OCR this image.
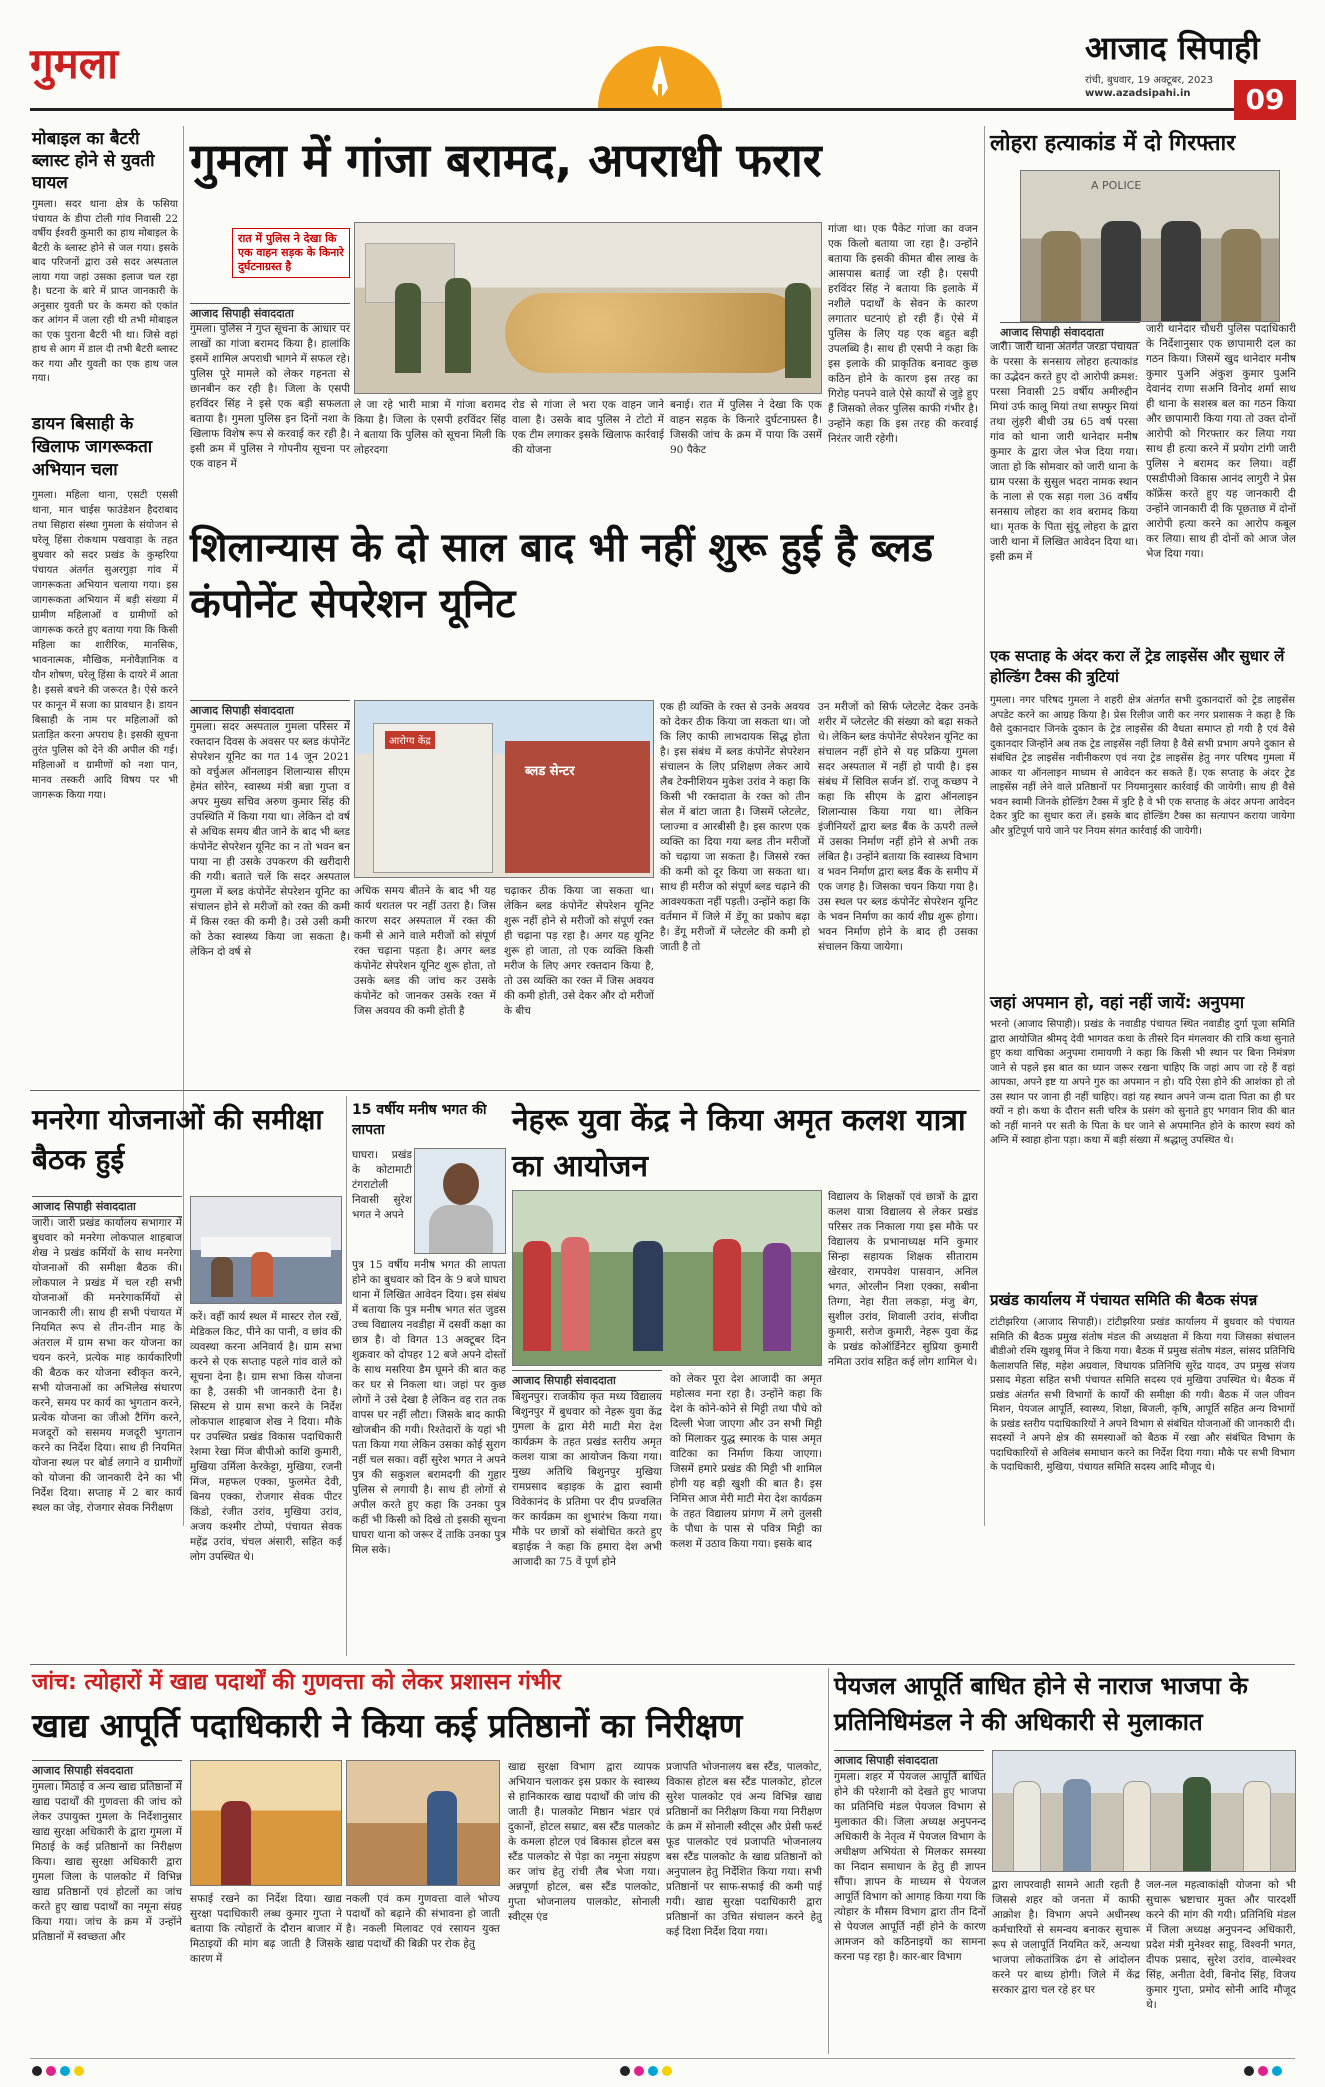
गुमला	आजाद सिपाही
रांची, बुधवार, 19 अक्टूबर, 2023
www.azadsipahi.in	09
मोबाइल का बैटरी ब्लास्ट होने से युवती घायल
गुमला। सदर थाना क्षेत्र के फसिया पंचायत के डीपा टोली गांव निवासी 22 वर्षीय ईश्वरी कुमारी का हाथ मोबाइल के बैटरी के ब्लास्ट होने से जल गया। इसके बाद परिजनों द्वारा उसे सदर अस्पताल लाया गया जहां उसका इलाज चल रहा है। घटना के बारे में प्राप्त जानकारी के अनुसार युवती घर के कमरा को एकांत कर आंगन में जला रही थी तभी मोबाइल का एक पुराना बैटरी भी था। जिसे वहां हाथ से आग में डाल दी तभी बैटरी ब्लास्ट कर गया और युवती का एक हाथ जल गया।
डायन बिसाही के खिलाफ जागरूकता अभियान चला
गुमला। महिला थाना, एसटी एससी थाना, मान चाईस फाउंडेशन हैदराबाद तथा सिहारा संस्था गुमला के संयोजन से घरेलू हिंसा रोकथाम पखवाड़ा के तहत बुधवार को सदर प्रखंड के कुम्हरिया पंचायत अंतर्गत सुअरगुड़ा गांव में जागरूकता अभियान चलाया गया। इस जागरूकता अभियान में बड़ी संख्या में ग्रामीण महिलाओं व ग्रामीणों को जागरूक करते हुए बताया गया कि किसी महिला का शारीरिक, मानसिक, भावनात्मक, मौखिक, मनोवैज्ञानिक व यौन शोषण, घरेलू हिंसा के दायरे में आता है। इससे बचने की जरूरत है। ऐसे करने पर कानून में सजा का प्रावधान है। डायन बिसाही के नाम पर महिलाओं को प्रताड़ित करना अपराध है। इसकी सूचना तुरंत पुलिस को देने की अपील की गई। महिलाओं व ग्रामीणों को नशा पान, मानव तस्करी आदि विषय पर भी जागरूक किया गया।
गुमला में गांजा बरामद, अपराधी फरार
रात में पुलिस ने देखा कि एक वाहन सड़क के किनारे दुर्घटनाग्रस्त है
आजाद सिपाही संवाददाता
गुमला। पुलिस ने गुप्त सूचना के आधार पर लाखों का गांजा बरामद किया है। हालांकि इसमें शामिल अपराधी भागने में सफल रहे। पुलिस पूरे मामले को लेकर गहनता से छानबीन कर रही है। जिला के एसपी हरविंदर सिंह ने इसे एक बड़ी सफलता बताया है। गुमला पुलिस इन दिनों नशा के खिलाफ विशेष रूप से करवाई कर रही है। इसी क्रम में पुलिस ने गोपनीय सूचना पर एक वाहन में
ले जा रहे भारी मात्रा में गांजा बरामद किया है। जिला के एसपी हरविंदर सिंह ने बताया कि पुलिस को सूचना मिली कि लोहरदगा
रोड से गांजा ले भरा एक वाहन जाने वाला है। उसके बाद पुलिस ने टोटो में एक टीम लगाकर इसके खिलाफ कार्रवाई की योजना
बनाई। रात में पुलिस ने देखा कि एक वाहन सड़क के किनारे दुर्घटनाग्रस्त है। जिसकी जांच के क्रम में पाया कि उसमें 90 पैकेट
गांजा था। एक पैकेट गांजा का वजन एक किलो बताया जा रहा है। उन्होंने बताया कि इसकी कीमत बीस लाख के आसपास बताई जा रही है। एसपी हरविंदर सिंह ने बताया कि इलाके में नशीले पदार्थों के सेवन के कारण लगातार घटनाएं हो रही हैं। ऐसे में पुलिस के लिए यह एक बहुत बड़ी उपलब्धि है। साथ ही एसपी ने कहा कि इस इलाके की प्राकृतिक बनावट कुछ कठिन होने के कारण इस तरह का गिरोह पनपने वाले ऐसे कार्यों से जुड़े हुए हैं जिसको लेकर पुलिस काफी गंभीर है। उन्होंने कहा कि इस तरह की करवाई निरंतर जारी रहेगी।
लोहरा हत्याकांड में दो गिरफ्तार
A POLICE
आजाद सिपाही संवाददाता
जारी। जारी थाना अंतर्गत जरडा पंचायत के परसा के सनसाय लोहरा हत्याकांड का उद्भेदन करते हुए दो आरोपी क्रमश: परसा निवासी 25 वर्षीय अमीरुद्दीन मियां उर्फ कालू मियां तथा सफ्फुर मियां तथा लुंड़री बीधी उम्र 65 वर्ष परसा गांव को थाना जारी थानेदार मनीष कुमार के द्वारा जेल भेज दिया गया। जाता हो कि सोमवार को जारी थाना के ग्राम परसा के सुसुल भदरा नामक स्थान के नाला से एक सड़ा गला 36 वर्षीय सनसाय लोहरा का शव बरामद किया था। मृतक के पिता सुंदू लोहरा के द्वारा जारी थाना में लिखित आवेदन दिया था। इसी क्रम में
जारी थानेदार चौधरी पुलिस पदाधिकारी के निर्देशानुसार एक छापामारी दल का गठन किया। जिसमें खुद थानेदार मनीष कुमार पुअनि अंकुश कुमार पुअनि देवानंद राणा सअनि विनोद शर्मा साथ ही थाना के सशस्त्र बल का गठन किया और छापामारी किया गया तो उक्त दोनों आरोपी को गिरफ्तार कर लिया गया साथ ही हत्या करने में प्रयोग टांगी जारी पुलिस ने बरामद कर लिया। वहीं एसडीपीओ विकास आनंद लागुरी ने प्रेस कॉफ्रेंस करते हुए यह जानकारी दी उन्होंने जानकारी दी कि पूछताछ में दोनों आरोपी हत्या करने का आरोप कबूल कर लिया। साथ ही दोनों को आज जेल भेज दिया गया।
शिलान्यास के दो साल बाद भी नहीं शुरू हुई है ब्लड कंपोनेंट सेपरेशन यूनिट
आजाद सिपाही संवाददाता
गुमला। सदर अस्पताल गुमला परिसर में रक्तदान दिवस के अवसर पर ब्लड कंपोनेंट सेपरेशन यूनिट का गत 14 जून 2021 को वर्चुअल ऑनलाइन शिलान्यास सीएम हेमंत सोरेन, स्वास्थ्य मंत्री बन्ना गुप्ता व अपर मुख्य सचिव अरुण कुमार सिंह की उपस्थिति में किया गया था। लेकिन दो वर्ष से अधिक समय बीत जाने के बाद भी ब्लड कंपोनेंट सेपरेशन यूनिट का न तो भवन बन पाया ना ही उसके उपकरण की खरीदारी की गयी। बताते चलें कि सदर अस्पताल गुमला में ब्लड कंपोनेंट सेपरेशन यूनिट का संचालन होने से मरीजों को रक्त की कमी में किस रक्त की कमी है। उसे उसी कमी को ठेका स्वास्थ्य किया जा सकता है। लेकिन दो वर्ष से
आरोग्य केंद्र
ब्लड सेन्टर
अधिक समय बीतने के बाद भी यह कार्य धरातल पर नहीं उतरा है। जिस कारण सदर अस्पताल में रक्त की कमी से आने वाले मरीजों को संपूर्ण रक्त चढ़ाना पड़ता है। अगर ब्लड कंपोनेंट सेपरेशन यूनिट शुरू होता, तो उसके ब्लड की जांच कर उसके कंपोनेंट को जानकर उसके रक्त में जिस अवयव की कमी होती है
चढ़ाकर ठीक किया जा सकता था। लेकिन ब्लड कंपोनेंट सेपरेशन यूनिट शुरू नहीं होने से मरीजों को संपूर्ण रक्त ही चढ़ाना पड़ रहा है। अगर यह यूनिट शुरू हो जाता, तो एक व्यक्ति किसी मरीज के लिए अगर रक्तदान किया है, तो उस व्यक्ति का रक्त में जिस अवयव की कमी होती, उसे देकर और दो मरीजों के बीच
एक ही व्यक्ति के रक्त से उनके अवयव को देकर ठीक किया जा सकता था। जो कि लिए काफी लाभदायक सिद्ध होता है। इस संबंध में ब्लड कंपोनेंट सेपरेशन संचालन के लिए प्रशिक्षण लेकर आये लैब टेक्नीशियन मुकेश उरांव ने कहा कि किसी भी रक्तदाता के रक्त को तीन सेल में बांटा जाता है। जिसमें प्लेटलेट, प्लाज्मा व आरबीसी है। इस कारण एक व्यक्ति का दिया गया ब्लड तीन मरीजों को चढ़ाया जा सकता है। जिससे रक्त की कमी को दूर किया जा सकता था। साथ ही मरीज को संपूर्ण ब्लड चढ़ाने की आवश्यकता नहीं पड़ती। उन्होंने कहा कि वर्तमान में जिले में डेंगू का प्रकोप बढ़ा है। डेंगू मरीजों में प्लेटलेट की कमी हो जाती है तो
उन मरीजों को सिर्फ प्लेटलेट देकर उनके शरीर में प्लेटलेट की संख्या को बढ़ा सकते थे। लेकिन ब्लड कंपोनेंट सेपरेशन यूनिट का संचालन नहीं होने से यह प्रक्रिया गुमला सदर अस्पताल में नहीं हो पायी है। इस संबंध में सिविल सर्जन डॉ. राजू कच्छप ने कहा कि सीएम के द्वारा ऑनलाइन शिलान्यास किया गया था। लेकिन इंजीनियरों द्वारा ब्लड बैंक के ऊपरी तल्ले में उसका निर्माण नहीं होने से अभी तक लंबित है। उन्होंने बताया कि स्वास्थ्य विभाग व भवन निर्माण द्वारा ब्लड बैंक के समीप में एक जगह है। जिसका चयन किया गया है। उस स्थल पर ब्लड कंपोनेंट सेपरेशन यूनिट के भवन निर्माण का कार्य शीघ्र शुरू होगा। भवन निर्माण होने के बाद ही उसका संचालन किया जायेगा।
एक सप्ताह के अंदर करा लें ट्रेड लाइसेंस और सुधार लें होल्डिंग टैक्स की त्रुटियां
गुमला। नगर परिषद गुमला ने शहरी क्षेत्र अंतर्गत सभी दुकानदारों को ट्रेड लाइसेंस अपडेट करने का आग्रह किया है। प्रेस रिलीज जारी कर नगर प्रशासक ने कहा है कि वैसे दुकानदार जिनके दुकान के ट्रेड लाइसेंस की वैधता समाप्त हो गयी है एवं वैसे दुकानदार जिन्होंने अब तक ट्रेड लाइसेंस नहीं लिया है वैसे सभी प्रभाग अपने दुकान से संबंधित ट्रेड लाइसेंस नवीनीकरण एवं नया ट्रेड लाइसेंस हेतु नगर परिषद गुमला में आकर या ऑनलाइन माध्यम से आवेदन कर सकते हैं। एक सप्ताह के अंदर ट्रेड लाइसेंस नहीं लेने वाले प्रतिष्ठानों पर नियमानुसार कार्रवाई की जायेगी। साथ ही वैसे भवन स्वामी जिनके होल्डिंग टैक्स में त्रुटि है वे भी एक सप्ताह के अंदर अपना आवेदन देकर त्रुटि का सुधार करा लें। इसके बाद होल्डिंग टैक्स का सत्यापन कराया जायेगा और त्रुटिपूर्ण पाये जाने पर नियम संगत कार्रवाई की जायेगी।
जहां अपमान हो, वहां नहीं जायें: अनुपमा
भरनो (आजाद सिपाही)। प्रखंड के नवाडीह पंचायत स्थित नवाडीह दुर्गा पूजा समिति द्वारा आयोजित श्रीमद् देवी भागवत कथा के तीसरे दिन मंगलवार की रात्रि कथा सुनाते हुए कथा वाचिका अनुपमा रामायणी ने कहा कि किसी भी स्थान पर बिना निमंत्रण जाने से पहले इस बात का ध्यान जरूर रखना चाहिए कि जहां आप जा रहे हैं वहां आपका, अपने इष्ट या अपने गुरु का अपमान न हो। यदि ऐसा होने की आशंका हो तो उस स्थान पर जाना ही नहीं चाहिए। वहां यह स्थान अपने जन्म दाता पिता का ही घर क्यों न हो। कथा के दौरान सती चरित्र के प्रसंग को सुनाते हुए भगवान शिव की बात को नहीं मानने पर सती के पिता के घर जाने से अपमानित होने के कारण स्वयं को अग्नि में स्वाहा होना पड़ा। कथा में बड़ी संख्या में श्रद्धालु उपस्थित थे।
प्रखंड कार्यालय में पंचायत समिति की बैठक संपन्न
टांटीझरिया (आजाद सिपाही)। टांटीझरिया प्रखंड कार्यालय में बुधवार को पंचायत समिति की बैठक प्रमुख संतोष मंडल की अध्यक्षता में किया गया जिसका संचालन बीडीओ रश्मि खुशबू मिंज ने किया गया। बैठक में प्रमुख संतोष मंडल, सांसद प्रतिनिधि कैलाशपति सिंह, महेश अग्रवाल, विधायक प्रतिनिधि सुरेंद्र यादव, उप प्रमुख संजय प्रसाद मेहता सहित सभी पंचायत समिति सदस्य एवं मुखिया उपस्थित थे। बैठक में प्रखंड अंतर्गत सभी विभागों के कार्यों की समीक्षा की गयी। बैठक में जल जीवन मिशन, पेयजल आपूर्ति, स्वास्थ्य, शिक्षा, बिजली, कृषि, आपूर्ति सहित अन्य विभागों के प्रखंड स्तरीय पदाधिकारियों ने अपने विभाग से संबंधित योजनाओं की जानकारी दी। सदस्यों ने अपने क्षेत्र की समस्याओं को बैठक में रखा और संबंधित विभाग के पदाधिकारियों से अविलंब समाधान करने का निर्देश दिया गया। मौके पर सभी विभाग के पदाधिकारी, मुखिया, पंचायत समिति सदस्य आदि मौजूद थे।
मनरेगा योजनाओं की समीक्षा बैठक हुई
आजाद सिपाही संवाददाता
जारी। जारी प्रखंड कार्यालय सभागार में बुधवार को मनरेगा लोकपाल शाहबाज शेख ने प्रखंड कर्मियों के साथ मनरेगा योजनाओं की समीक्षा बैठक की। लोकपाल ने प्रखंड में चल रही सभी योजनाओं की मनरेगाकर्मियों से जानकारी ली। साथ ही सभी पंचायत में नियमित रूप से तीन-तीन माह के अंतराल में ग्राम सभा कर योजना का चयन करने, प्रत्येक माह कार्यकारिणी की बैठक कर योजना स्वीकृत करने, सभी योजनाओं का अभिलेख संधारण करने, समय पर कार्य का भुगतान करने, प्रत्येक योजना का जीओ टैगिंग करने, मजदूरों को ससमय मजदूरी भुगतान करने का निर्देश दिया। साथ ही नियमित योजना स्थल पर बोर्ड लगाने व ग्रामीणों को योजना की जानकारी देने का भी निर्देश दिया। सप्ताह में 2 बार कार्य स्थल का जेइ, रोजगार सेवक निरीक्षण
करें। वहीं कार्य स्थल में मास्टर रोल रखें, मेडिकल किट, पीने का पानी, व छांव की व्यवस्था करना अनिवार्य है। ग्राम सभा करने से एक सप्ताह पहले गांव वाले को सूचना देना है। ग्राम सभा किस योजना का है, उसकी भी जानकारी देना है। सिस्टम से ग्राम सभा करने के निर्देश लोकपाल शाहबाज शेख ने दिया। मौके पर उपस्थित प्रखंड विकास पदाधिकारी रेशमा रेखा मिंज बीपीओ काशि कुमारी, मुखिया उर्मिला केरकेट्टा, मुखिया, रजनी मिंज, महफल एक्का, फुलमेत देवी, बिनय एक्का, रोजगार सेवक पीटर किंडो, रंजीत उरांव, मुखिया उरांव, अजय कश्मीर टोप्पो, पंचायत सेवक महेंद्र उरांव, चंचल अंसारी, सहित कई लोग उपस्थित थे।
15 वर्षीय मनीष भगत की लापता
घाघरा। प्रखंड के कोटामाटी टंगराटोली निवासी सुरेश भगत ने अपने
पुत्र 15 वर्षीय मनीष भगत की लापता होने का बुधवार को दिन के 9 बजे घाघरा थाना में लिखित आवेदन दिया। इस संबंध में बताया कि पुत्र मनीष भगत संत जुडस उच्च विद्यालय नवडीहा में दसवीं कक्षा का छात्र है। वो विगत 13 अक्टूबर दिन शुक्रवार को दोपहर 12 बजे अपने दोस्तों के साथ मसरिया डैम घूमने की बात कह कर घर से निकला था। जहां पर कुछ लोगों ने उसे देखा है लेकिन वह रात तक वापस घर नहीं लौटा। जिसके बाद काफी खोजबीन की गयी। रिश्तेदारों के यहां भी पता किया गया लेकिन उसका कोई सुराग नहीं चल सका। वहीं सुरेश भगत ने अपने पुत्र की सकुशल बरामदगी की गुहार पुलिस से लगायी है। साथ ही लोगों से अपील करते हुए कहा कि उनका पुत्र कहीं भी किसी को दिखे तो इसकी सूचना घाघरा थाना को जरूर दें ताकि उनका पुत्र मिल सके।
नेहरू युवा केंद्र ने किया अमृत कलश यात्रा का आयोजन
विद्यालय के शिक्षकों एवं छात्रों के द्वारा कलश यात्रा विद्यालय से लेकर प्रखंड परिसर तक निकाला गया इस मौके पर विद्यालय के प्रभानाध्यक्ष मनि कुमार सिन्हा सहायक शिक्षक सीताराम खेरवार, रामपवेश पासवान, अनिल भगत, ओरलीन निशा एक्का, सबीना तिग्गा, नेहा रीता लकड़ा, मंजु बेग, सुशील उरांव, शिवाली उरांव, संजीदा कुमारी, सरोज कुमारी, नेहरू युवा केंद्र के प्रखंड कोऑर्डिनेटर सुप्रिया कुमारी नमिता उरांव सहित कई लोग शामिल थे।
आजाद सिपाही संवाददाता
बिशुनपुर। राजकीय कृत मध्य विद्यालय बिशुनपुर में बुधवार को नेहरू युवा केंद्र गुमला के द्वारा मेरी माटी मेरा देश कार्यक्रम के तहत प्रखंड स्तरीय अमृत कलश यात्रा का आयोजन किया गया। मुख्य अतिथि बिशुनपुर मुखिया रामप्रसाद बड़ाइक के द्वारा स्वामी विवेकानंद के प्रतिमा पर दीप प्रज्वलित कर कार्यक्रम का शुभारंभ किया गया। मौके पर छात्रों को संबोधित करते हुए बड़ाईक ने कहा कि हमारा देश अभी आजादी का 75 वें पूर्ण होने
को लेकर पूरा देश आजादी का अमृत महोत्सव मना रहा है। उन्होंने कहा कि देश के कोने-कोने से मिट्टी तथा पौधे को दिल्ली भेजा जाएगा और उन सभी मिट्टी को मिलाकर युद्ध स्मारक के पास अमृत वाटिका का निर्माण किया जाएगा। जिसमें हमारे प्रखंड की मिट्टी भी शामिल होगी यह बड़ी खुशी की बात है। इस निमित्त आज मेरी माटी मेरा देश कार्यक्रम के तहत विद्यालय प्रांगण में लगे तुलसी के पौधा के पास से पवित्र मिट्टी का कलश में उठाव किया गया। इसके बाद
जांच: त्योहारों में खाद्य पदार्थों की गुणवत्ता को लेकर प्रशासन गंभीर
खाद्य आपूर्ति पदाधिकारी ने किया कई प्रतिष्ठानों का निरीक्षण
आजाद सिपाही संवददाता
गुमला। मिठाई व अन्य खाद्य प्रतिष्ठानों में खाद्य पदार्थों की गुणवत्ता की जांच को लेकर उपायुक्त गुमला के निर्देशानुसार खाद्य सुरक्षा अधिकारी के द्वारा गुमला में मिठाई के कई प्रतिष्ठानों का निरीक्षण किया। खाद्य सुरक्षा अधिकारी द्वारा गुमला जिला के पालकोट में विभिन्न खाद्य प्रतिष्ठानों एवं होटलों का जांच करते हुए खाद्य पदार्थों का नमूना संग्रह किया गया। जांच के क्रम में उन्होंने प्रतिष्ठानों में स्वच्छता और
सफाई रखने का निर्देश दिया। खाद्य सुरक्षा पदाधिकारी लब्ध कुमार गुप्ता ने बताया कि त्योहारों के दौरान बाजार में मिठाइयों की मांग बढ़ जाती है जिसके कारण में
नकली एवं कम गुणवत्ता वाले भोज्य पदार्थों को बढ़ाने की संभावना हो जाती है। नकली मिलावट एवं रसायन युक्त खाद्य पदार्थों की बिक्री पर रोक हेतु
खाद्य सुरक्षा विभाग द्वारा व्यापक अभियान चलाकर इस प्रकार के स्वास्थ्य से हानिकारक खाद्य पदार्थों की जांच की जाती है। पालकोट मिष्ठान भंडार एवं दुकानों, होटल सम्राट, बस स्टैंड पालकोट के कमला होटल एवं बिकास होटल बस स्टैंड पालकोट से पेड़ा का नमूना संग्रहण कर जांच हेतु रांची लैब भेजा गया। अन्नपूर्णा होटल, बस स्टैंड पालकोट, गुप्ता भोजनालय पालकोट, सोनाली स्वीट्स एंड
प्रजापति भोजनालय बस स्टैंड, पालकोट, विकास होटल बस स्टैंड पालकोट, होटल सुरेश पालकोट एवं अन्य विभिन्न खाद्य प्रतिष्ठानों का निरीक्षण किया गया निरीक्षण के क्रम में सोनाली स्वीट्स और प्रेसी फर्स्ट फूड पालकोट एवं प्रजापति भोजनालय बस स्टैंड पालकोट के खाद्य प्रतिष्ठानों को अनुपालन हेतु निर्देशित किया गया। सभी प्रतिष्ठानों पर साफ-सफाई की कमी पाई गयी। खाद्य सुरक्षा पदाधिकारी द्वारा प्रतिष्ठानों का उचित संचालन करने हेतु कई दिशा निर्देश दिया गया।
पेयजल आपूर्ति बाधित होने से नाराज भाजपा के प्रतिनिधिमंडल ने की अधिकारी से मुलाकात
आजाद सिपाही संवाददाता
गुमला। शहर में पेयजल आपूर्ति बाधित होने की परेशानी को देखते हुए भाजपा का प्रतिनिधि मंडल पेयजल विभाग से मुलाकात की। जिला अध्यक्ष अनुपनन्द अधिकारी के नेतृत्व में पेयजल विभाग के अधीक्षण अभियंता से मिलकर समस्या का निदान समाधान के हेतु ही ज्ञापन सौंपा। ज्ञापन के माध्यम से पेयजल आपूर्ति विभाग को आगाह किया गया कि त्योहार के मौसम विभाग द्वारा तीन दिनों से पेयजल आपूर्ति नहीं होने के कारण आमजन को कठिनाइयों का सामना करना पड़ रहा है। कार-बार विभाग
द्वारा लापरवाही सामने आती रहती है जिससे शहर को जनता में काफी आक्रोश है। विभाग अपने अधीनस्थ कर्मचारियों से समन्वय बनाकर सुचारू रूप से जलापूर्ति नियमित करें, अन्यथा भाजपा लोकतांत्रिक ढंग से आंदोलन करने पर बाध्य होगी। जिले में केंद्र सरकार द्वारा चल रहे हर घर
जल-नल महत्वाकांक्षी योजना को भी सुचारू भ्रष्टाचार मुक्त और पारदर्शी करने की मांग की गयी। प्रतिनिधि मंडल में जिला अध्यक्ष अनुपनन्द अधिकारी, प्रदेश मंत्री मुनेश्वर साहू, विश्वनी भगत, दीपक प्रसाद, सुरेश उरांव, वाल्मेश्वर सिंह, अनीता देवी, बिनोद सिंह, विजय कुमार गुप्ता, प्रमोद सोनी आदि मौजूद थे।
